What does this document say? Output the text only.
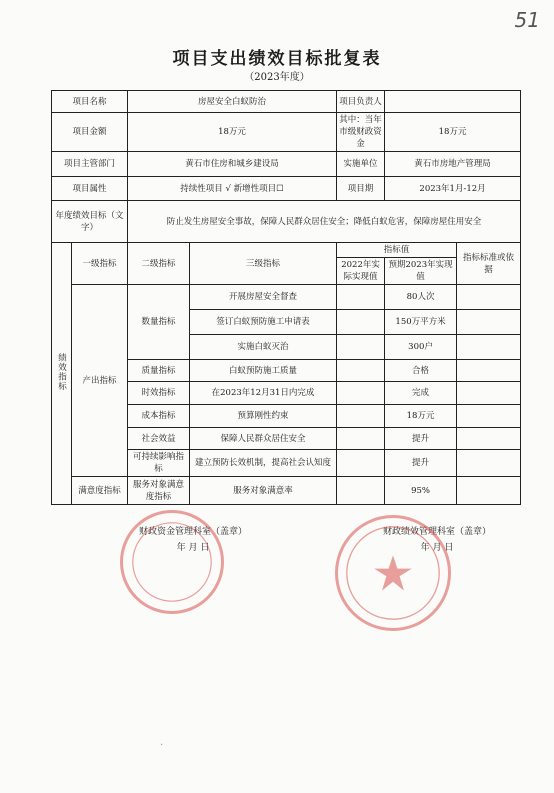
51
项目支出绩效目标批复表
（2023年度）
项目名称		房屋安全白蚁防治		项目负责人		
项目金额		18万元		其中：当年市级财政资金	18万元	
项目主管部门		黄石市住房和城乡建设局		实施单位	黄石市房地产管理局	
项目属性		持续性项目 √ 新增性项目☐		项目期	2023年1月-12月	
年度绩效目标（文字）		防止发生房屋安全事故，保障人民群众居住安全；降低白蚁危害，保障房屋住用安全				
绩效指标	一级指标	二级指标	三级指标	指标值		指标标准或依据
				2022年实际实现值	预期2023年实现值	
	产出指标	数量指标	开展房屋安全督查		80人次	
			签订白蚁预防施工申请表		150万平方米	
			实施白蚁灭治		300户	
		质量指标	白蚁预防施工质量		合格	
		时效指标	在2023年12月31日内完成		完成	
		成本指标	预算刚性约束		18万元	
		社会效益	保障人民群众居住安全		提升	
		可持续影响指标	建立预防长效机制，提高社会认知度		提升	
	满意度指标	服务对象满意度指标	服务对象满意率		95%	
财政资金管理科室（盖章）
年 月 日
财政绩效管理科室（盖章）
年 月 日
·
